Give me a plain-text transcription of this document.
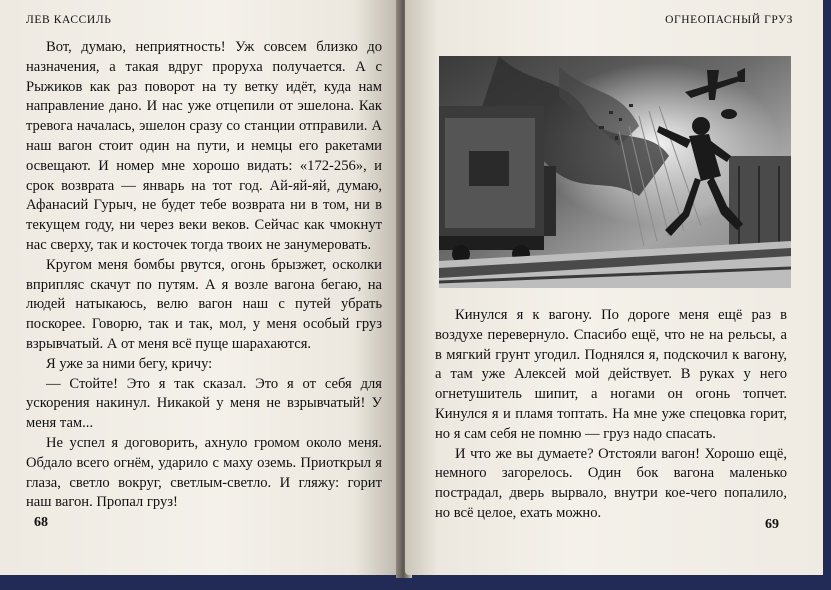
ЛЕВ КАССИЛЬ

Вот, думаю, неприятность! Уж совсем близко до назначения, а такая вдруг проруха получается. А с Рыжиков как раз поворот на ту ветку идёт, куда нам направление дано. И нас уже отцепили от эшелона. Как тревога началась, эшелон сразу со станции отправили. А наш вагон стоит один на пути, и немцы его ракетами освещают. И номер мне хорошо видать: «172-256», и срок возврата — январь на тот год. Ай-яй-яй, думаю, Афанасий Гурыч, не будет тебе возврата ни в том, ни в текущем году, ни через веки веков. Сейчас как чмокнут нас сверху, так и косточек тогда твоих не занумеровать.

Кругом меня бомбы рвутся, огонь брызжет, осколки вприпляс скачут по путям. А я возле вагона бегаю, на людей натыкаюсь, велю вагон наш с путей убрать поскорее. Говорю, так и так, мол, у меня особый груз взрывчатый. А от меня всё пуще шарахаются.

Я уже за ними бегу, кричу:

— Стойте! Это я так сказал. Это я от себя для ускорения накинул. Никакой у меня не взрывчатый! У меня там...

Не успел я договорить, ахнуло громом около меня. Обдало всего огнём, ударило с маху оземь. Приоткрыл я глаза, светло вокруг, светлым-светло. И гляжу: горит наш вагон. Пропал груз!

68
ОГНЕОПАСНЫЙ ГРУЗ

Кинулся я к вагону. По дороге меня ещё раз в воздухе перевернуло. Спасибо ещё, что не на рельсы, а в мягкий грунт угодил. Поднялся я, подскочил к вагону, а там уже Алексей мой действует. В руках у него огнетушитель шипит, а ногами он огонь топчет. Кинулся я и пламя топтать. На мне уже спецовка горит, но я сам себя не помню — груз надо спасать.

И что же вы думаете? Отстояли вагон! Хорошо ещё, немного загорелось. Один бок вагона маленько пострадал, дверь вырвало, внутри кое-чего попалило, но всё целое, ехать можно.

69
